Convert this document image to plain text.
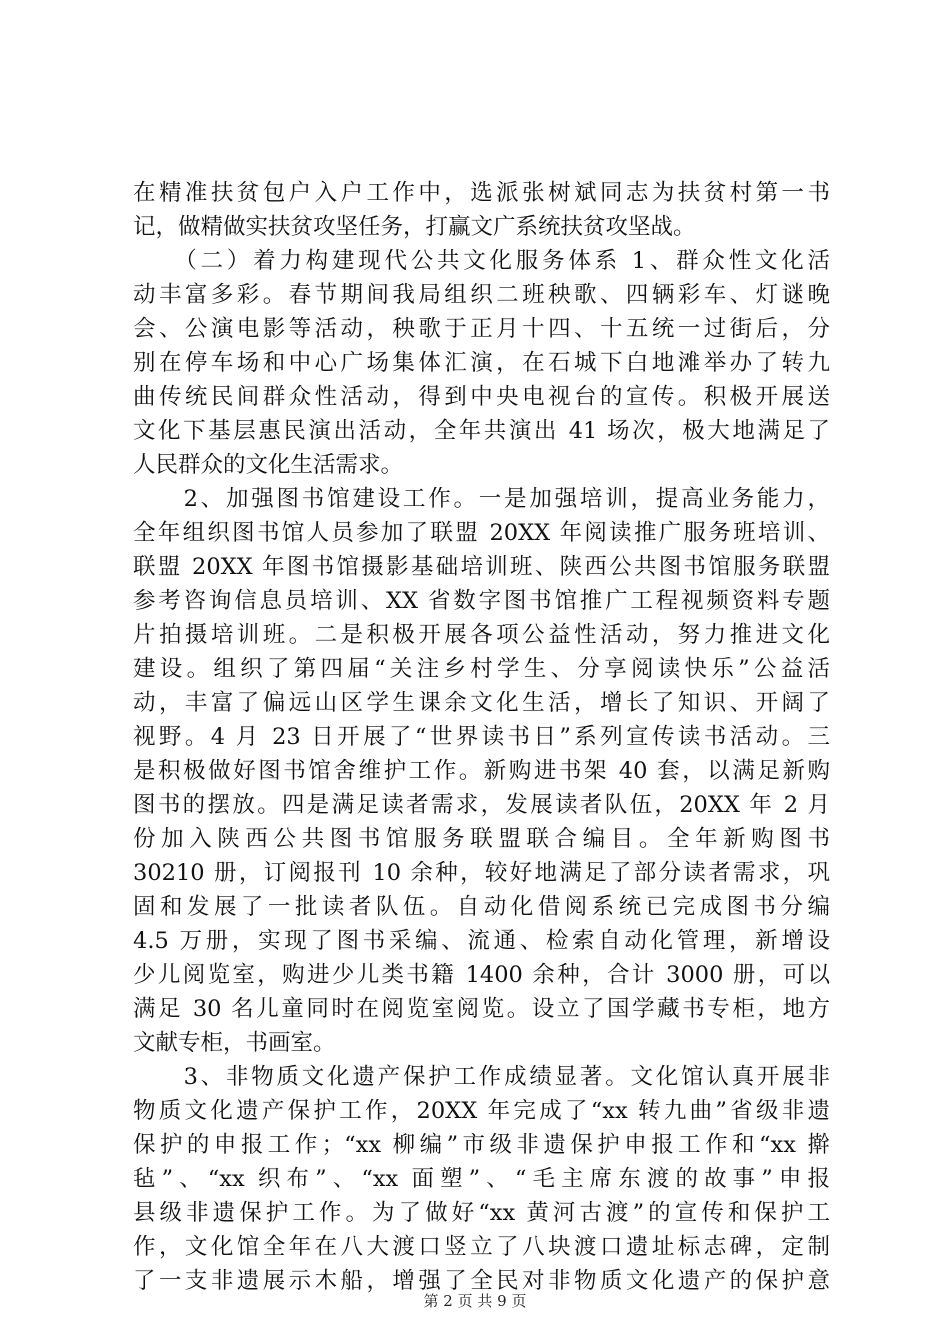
在精准扶贫包户入户工作中，选派张树斌同志为扶贫村第一书
记，做精做实扶贫攻坚任务，打赢文广系统扶贫攻坚战。
　　（二）着力构建现代公共文化服务体系 1、群众性文化活
动丰富多彩。春节期间我局组织二班秧歌、四辆彩车、灯谜晚
会、公演电影等活动，秧歌于正月十四、十五统一过街后，分
别在停车场和中心广场集体汇演，在石城下白地滩举办了转九
曲传统民间群众性活动，得到中央电视台的宣传。积极开展送
文化下基层惠民演出活动，全年共演出 41 场次，极大地满足了
人民群众的文化生活需求。
　　2、加强图书馆建设工作。一是加强培训，提高业务能力，
全年组织图书馆人员参加了联盟 20XX 年阅读推广服务班培训、
联盟 20XX 年图书馆摄影基础培训班、陕西公共图书馆服务联盟
参考咨询信息员培训、XX 省数字图书馆推广工程视频资料专题
片拍摄培训班。二是积极开展各项公益性活动，努力推进文化
建设。组织了第四届“关注乡村学生、分享阅读快乐”公益活
动，丰富了偏远山区学生课余文化生活，增长了知识、开阔了
视野。4 月 23 日开展了“世界读书日”系列宣传读书活动。三
是积极做好图书馆舍维护工作。新购进书架 40 套，以满足新购
图书的摆放。四是满足读者需求，发展读者队伍，20XX 年 2 月
份加入陕西公共图书馆服务联盟联合编目。全年新购图书
30210 册，订阅报刊 10 余种，较好地满足了部分读者需求，巩
固和发展了一批读者队伍。自动化借阅系统已完成图书分编
4.5 万册，实现了图书采编、流通、检索自动化管理，新增设
少儿阅览室，购进少儿类书籍 1400 余种，合计 3000 册，可以
满足 30 名儿童同时在阅览室阅览。设立了国学藏书专柜，地方
文献专柜，书画室。
　　3、非物质文化遗产保护工作成绩显著。文化馆认真开展非
物质文化遗产保护工作，20XX 年完成了“xx 转九曲”省级非遗
保护的申报工作；“xx 柳编”市级非遗保护申报工作和“xx 擀
毡”、“xx 织布”、“xx 面塑”、“毛主席东渡的故事”申报
县级非遗保护工作。为了做好“xx 黄河古渡”的宣传和保护工
作，文化馆全年在八大渡口竖立了八块渡口遗址标志碑，定制
了一支非遗展示木船，增强了全民对非物质文化遗产的保护意
第 2 页 共 9 页
